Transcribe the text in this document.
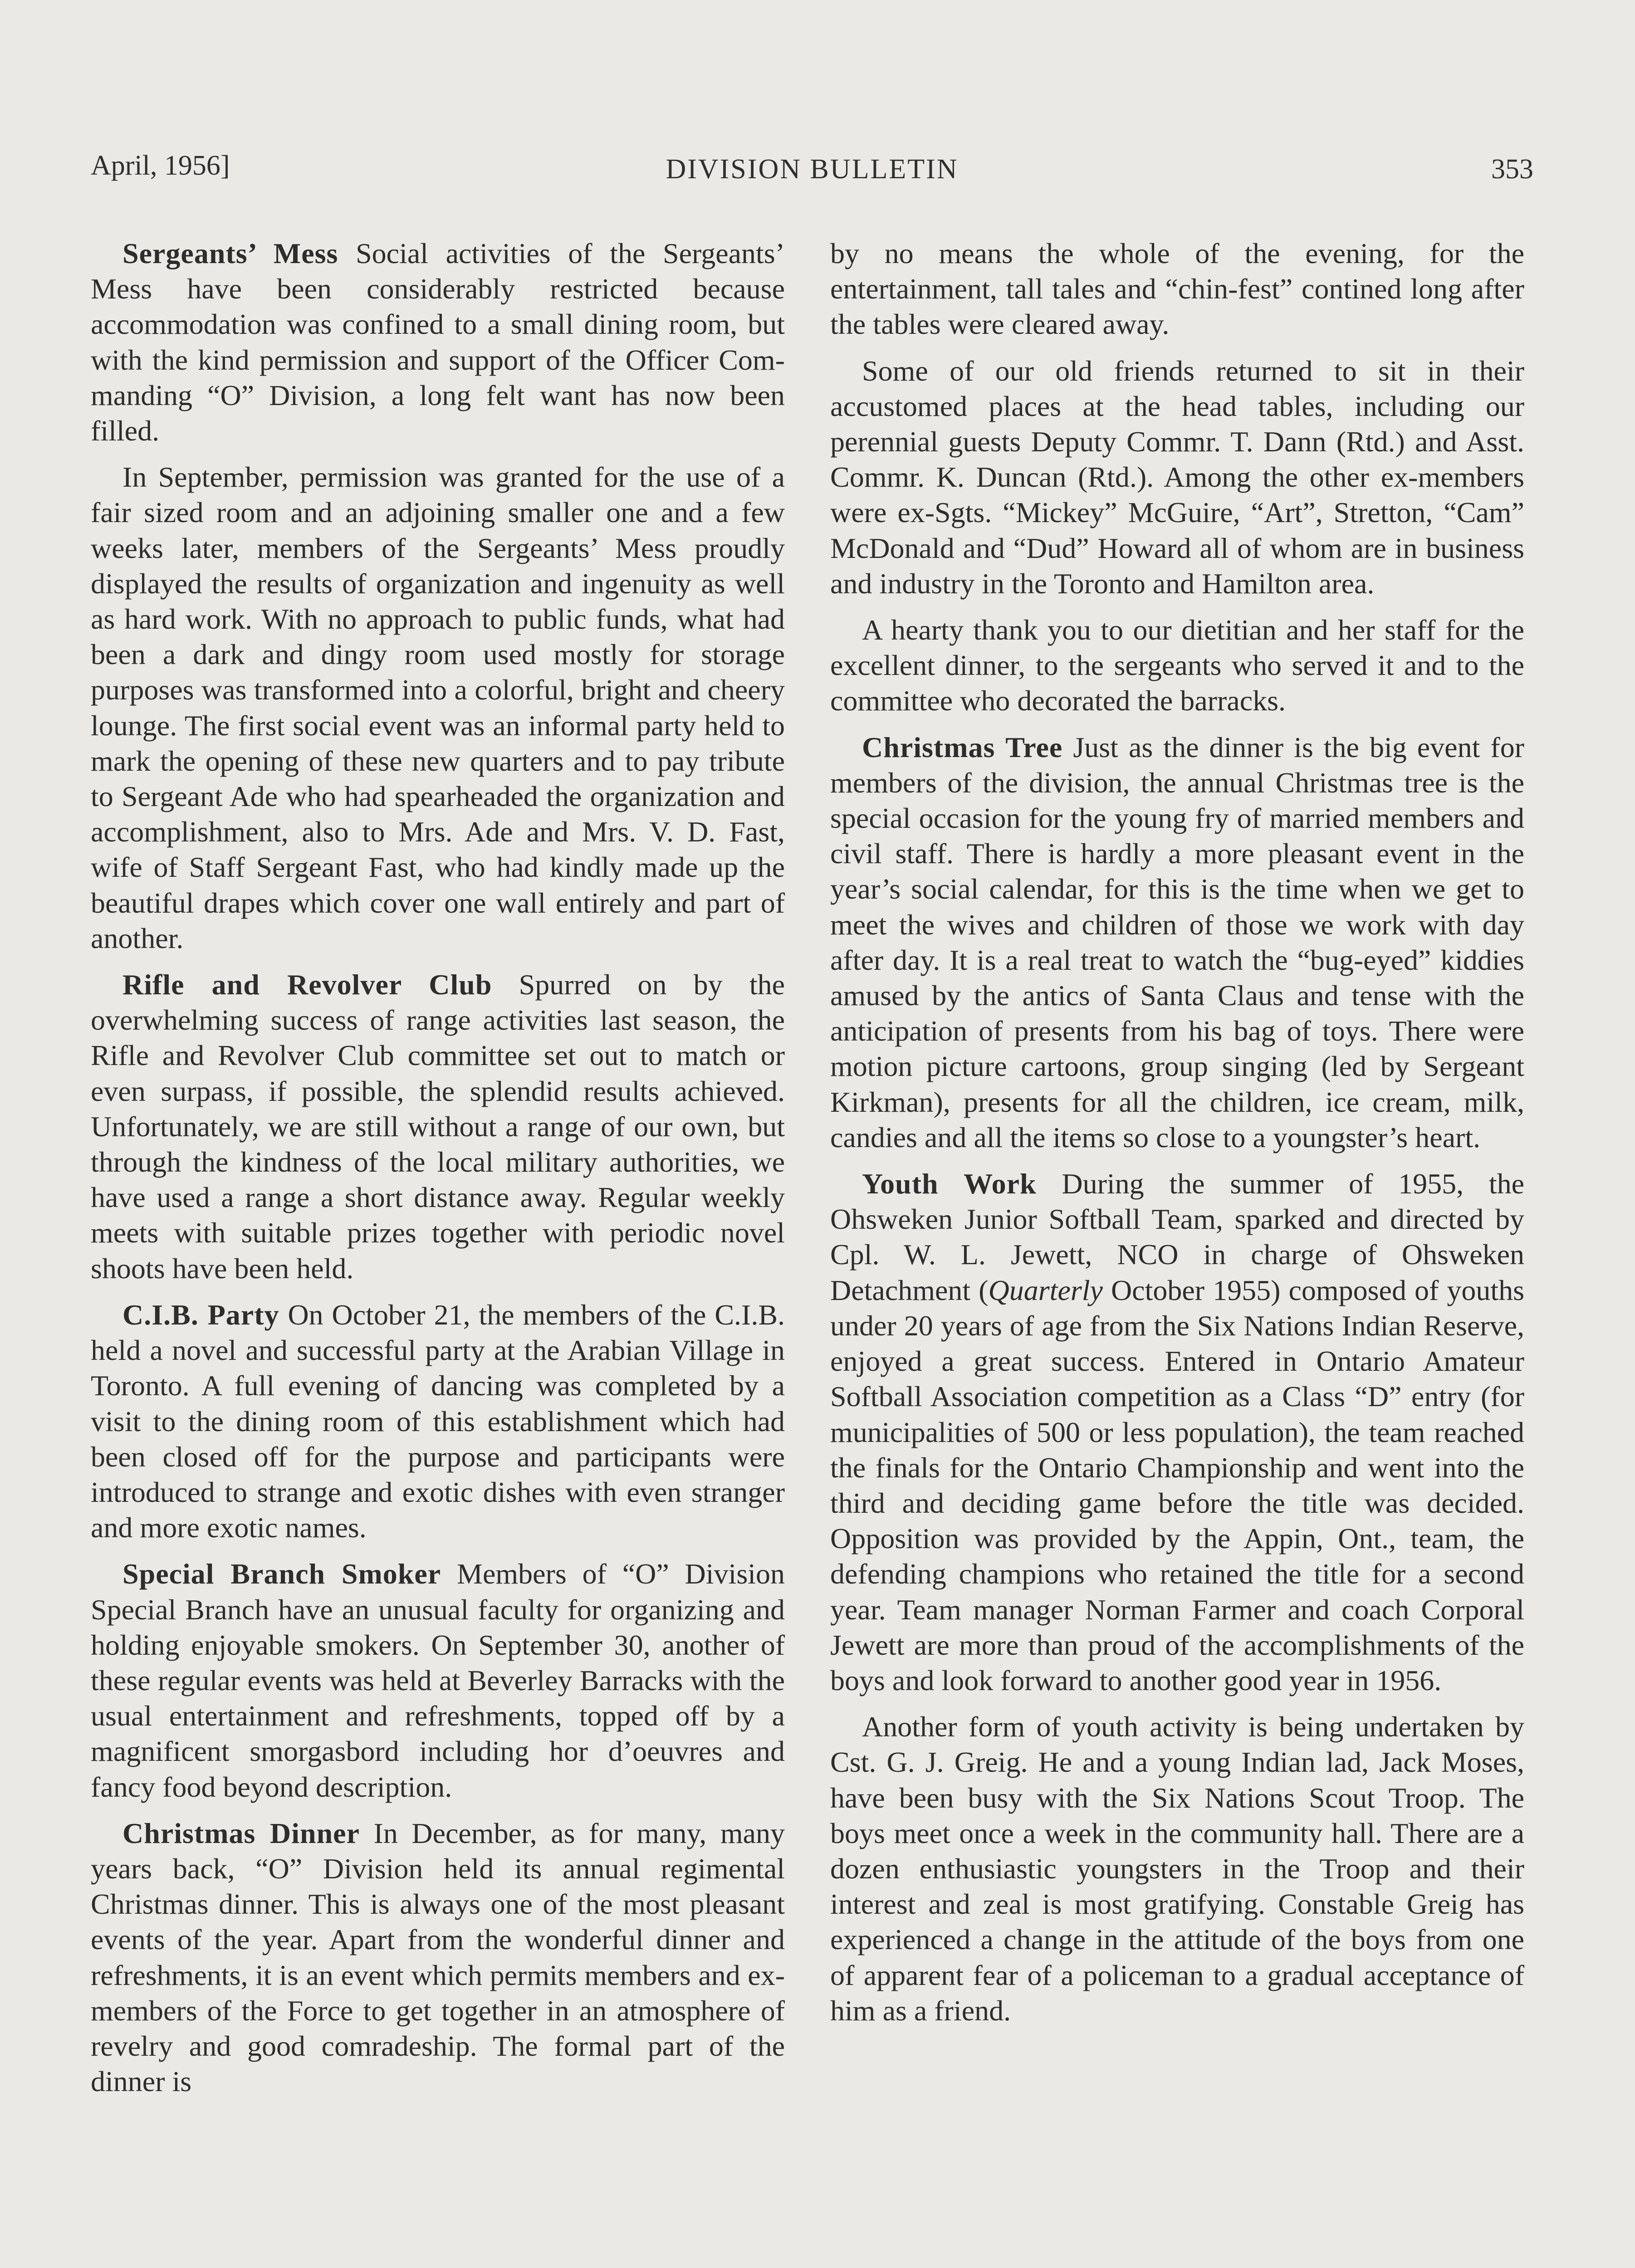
April, 1956]	DIVISION BULLETIN	353

Sergeants’ Mess Social activities of the Sergeants’ Mess have been considerably restricted because accommodation was confined to a small dining room, but with the kind permission and support of the Officer Commanding “O” Division, a long felt want has now been filled.

In September, permission was granted for the use of a fair sized room and an adjoining smaller one and a few weeks later, members of the Sergeants’ Mess proudly displayed the results of organization and ingenuity as well as hard work. With no approach to public funds, what had been a dark and dingy room used mostly for storage purposes was transformed into a colorful, bright and cheery lounge. The first social event was an informal party held to mark the opening of these new quarters and to pay tribute to Sergeant Ade who had spearheaded the organization and accomplishment, also to Mrs. Ade and Mrs. V. D. Fast, wife of Staff Sergeant Fast, who had kindly made up the beautiful drapes which cover one wall entirely and part of another.

Rifle and Revolver Club Spurred on by the overwhelming success of range activities last season, the Rifle and Revolver Club committee set out to match or even surpass, if possible, the splendid results achieved. Unfortunately, we are still without a range of our own, but through the kindness of the local military authorities, we have used a range a short distance away. Regular weekly meets with suitable prizes together with periodic novel shoots have been held.

C.I.B. Party On October 21, the members of the C.I.B. held a novel and successful party at the Arabian Village in Toronto. A full evening of dancing was completed by a visit to the dining room of this establishment which had been closed off for the purpose and participants were introduced to strange and exotic dishes with even stranger and more exotic names.

Special Branch Smoker Members of “O” Division Special Branch have an unusual faculty for organizing and holding enjoyable smokers. On September 30, another of these regular events was held at Beverley Barracks with the usual entertainment and refreshments, topped off by a magnificent smorgasbord including hor d’oeuvres and fancy food beyond description.

Christmas Dinner In December, as for many, many years back, “O” Division held its annual regimental Christmas dinner. This is always one of the most pleasant events of the year. Apart from the wonderful dinner and refreshments, it is an event which permits members and ex-members of the Force to get together in an atmosphere of revelry and good comradeship. The formal part of the dinner is

by no means the whole of the evening, for the entertainment, tall tales and “chin-fest” contined long after the tables were cleared away.

Some of our old friends returned to sit in their accustomed places at the head tables, including our perennial guests Deputy Commr. T. Dann (Rtd.) and Asst. Commr. K. Duncan (Rtd.). Among the other ex-members were ex-Sgts. “Mickey” McGuire, “Art”, Stretton, “Cam” McDonald and “Dud” Howard all of whom are in business and industry in the Toronto and Hamilton area.

A hearty thank you to our dietitian and her staff for the excellent dinner, to the sergeants who served it and to the committee who decorated the barracks.

Christmas Tree Just as the dinner is the big event for members of the division, the annual Christmas tree is the special occasion for the young fry of married members and civil staff. There is hardly a more pleasant event in the year’s social calendar, for this is the time when we get to meet the wives and children of those we work with day after day. It is a real treat to watch the “bug-eyed” kiddies amused by the antics of Santa Claus and tense with the anticipation of presents from his bag of toys. There were motion picture cartoons, group singing (led by Sergeant Kirkman), presents for all the children, ice cream, milk, candies and all the items so close to a youngster’s heart.

Youth Work During the summer of 1955, the Ohsweken Junior Softball Team, sparked and directed by Cpl. W. L. Jewett, NCO in charge of Ohsweken Detachment (Quarterly October 1955) composed of youths under 20 years of age from the Six Nations Indian Reserve, enjoyed a great success. Entered in Ontario Amateur Softball Association competition as a Class “D” entry (for municipalities of 500 or less population), the team reached the finals for the Ontario Championship and went into the third and deciding game before the title was decided. Opposition was provided by the Appin, Ont., team, the defending champions who retained the title for a second year. Team manager Norman Farmer and coach Corporal Jewett are more than proud of the accomplishments of the boys and look forward to another good year in 1956.

Another form of youth activity is being undertaken by Cst. G. J. Greig. He and a young Indian lad, Jack Moses, have been busy with the Six Nations Scout Troop. The boys meet once a week in the community hall. There are a dozen enthusiastic youngsters in the Troop and their interest and zeal is most gratifying. Constable Greig has experienced a change in the attitude of the boys from one of apparent fear of a policeman to a gradual acceptance of him as a friend.
